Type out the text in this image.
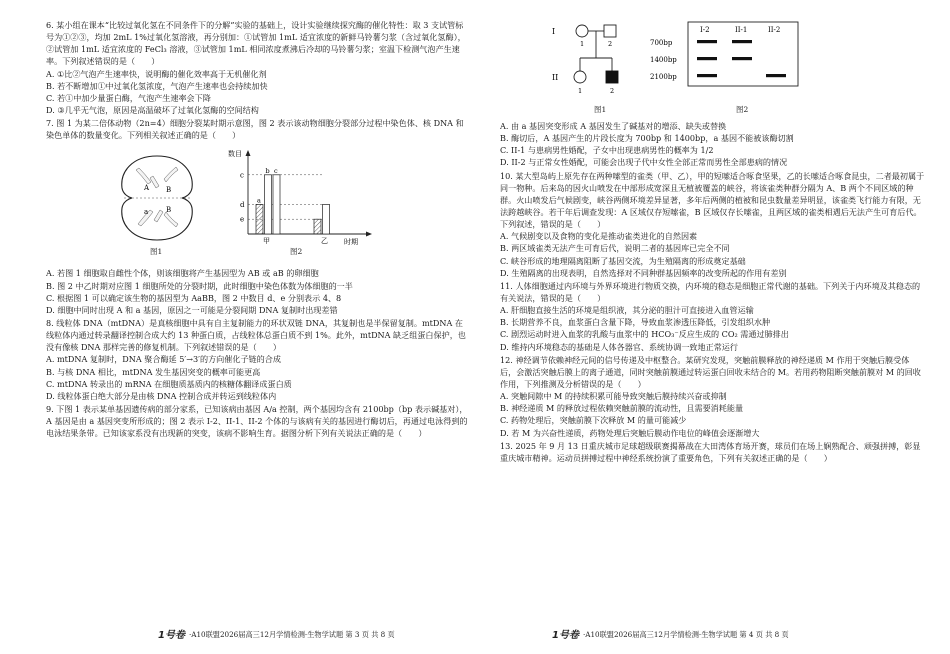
6. 某小组在课本“比较过氧化氢在不同条件下的分解”实验的基础上，设计实验继续探究酶的催化特性：取 3 支试管标号为①②③，均加 2mL 1%过氧化氢溶液，再分别加：①试管加 1mL 适宜浓度的新鲜马铃薯匀浆（含过氧化氢酶），②试管加 1mL 适宜浓度的 FeCl₃ 溶液，③试管加 1mL 相同浓度煮沸后冷却的马铃薯匀浆；室温下检测气泡产生速率。下列叙述错误的是（　　）

A. ①比②气泡产生速率快，说明酶的催化效率高于无机催化剂

B. 若不断增加①中过氧化氢浓度，气泡产生速率也会持续加快

C. 若①中加少量蛋白酶，气泡产生速率会下降

D. ③几乎无气泡，原因是高温破坏了过氧化氢酶的空间结构

7. 图 1 为某二倍体动物（2n=4）细胞分裂某时期示意图，图 2 表示该动物细胞分裂部分过程中染色体、核 DNA 和染色单体的数量变化。下列相关叙述正确的是（　　）

A
a
B
B
图1
数目
时期
c
d
e
a
b c
甲	乙
图2

A. 若图 1 细胞取自雌性个体，则该细胞将产生基因型为 AB 或 aB 的卵细胞

B. 图 2 中乙时期对应图 1 细胞所处的分裂时期，此时细胞中染色体数为体细胞的一半

C. 根据图 1 可以确定该生物的基因型为 AaBB，图 2 中数目 d、e 分别表示 4、8

D. 细胞中同时出现 A 和 a 基因，原因之一可能是分裂间期 DNA 复制时出现差错

8. 线粒体 DNA（mtDNA）是真核细胞中具有自主复制能力的环状双链 DNA，其复制也是半保留复制。mtDNA 在线粒体内通过转录翻译控制合成大约 13 种蛋白质，占线粒体总蛋白质不到 1%。此外，mtDNA 缺乏组蛋白保护，也没有像核 DNA 那样完善的修复机制。下列叙述错误的是（　　）

A. mtDNA 复制时，DNA 聚合酶延 5′→3′的方向催化子链的合成

B. 与核 DNA 相比，mtDNA 发生基因突变的概率可能更高

C. mtDNA 转录出的 mRNA 在细胞质基质内的核糖体翻译成蛋白质

D. 线粒体蛋白绝大部分是由核 DNA 控制合成并转运到线粒体内

9. 下图 1 表示某单基因遗传病的部分家系，已知该病由基因 A/a 控制，两个基因均含有 2100bp（bp 表示碱基对），A 基因是由 a 基因突变所形成的；图 2 表示 I-2、II-1、II-2 个体的与该病有关的基因进行酶切后，再通过电泳得到的电泳结果条带。已知该家系没有出现新的突变，该病不影响生育。据图分析下列有关说法正确的是（　　）

1号卷 ·A10联盟2026届高三12月学情检测·生物学试题 第 3 页 共 8 页
I
II
1	2
1	2
图1
700bp
1400bp
2100bp
I-2	II-1	II-2
图2

A. 由 a 基因突变形成 A 基因发生了碱基对的增添、缺失或替换

B. 酶切后，A 基因产生的片段长度为 700bp 和 1400bp，a 基因不能被该酶切割

C. II-1 与患病男性婚配，子女中出现患病男性的概率为 1/2

D. II-2 与正常女性婚配，可能会出现子代中女性全部正常而男性全部患病的情况

10. 某大型岛屿上原先存在两种嗦型的雀类（甲、乙），甲的短嗦适合啄食坚果，乙的长嗦适合啄食昆虫，二者最初属于同一物种。后来岛的因火山喷发在中部形成宽深且无植被覆盖的峡谷，将该雀类种群分隔为 A、B 两个不同区域的种群。火山喷发后气候剧变，峡谷两侧环境差异显著，多年后两侧的植被和昆虫数量差异明显，该雀类飞行能力有限，无法跨越峡谷。若干年后调查发现：A 区域仅存短嗦雀，B 区域仅存长嗦雀，且两区域的雀类相遇后无法产生可育后代。下列叙述，错误的是（　　）

A. 气候剧变以及食物的变化是推动雀类进化的自然因素

B. 两区域雀类无法产生可育后代，说明二者的基因库已完全不同

C. 峡谷形成的地理隔离阻断了基因交流，为生殖隔离的形成奠定基础

D. 生殖隔离的出现表明，自然选择对不同种群基因频率的改变所起的作用有差别

11. 人体细胞通过内环境与外界环境进行物质交换，内环境的稳态是细胞正常代谢的基础。下列关于内环境及其稳态的有关说法，错误的是（　　）

A. 肝细胞直接生活的环境是组织液，其分泌的胆汁可直接进入血管运输

B. 长期营养不良，血浆蛋白含量下降，导致血浆渗透压降低，引发组织水肿

C. 剧烈运动时进入血浆的乳酸与血浆中的 HCO₃⁻反应生成的 CO₂ 需通过肺排出

D. 维持内环境稳态的基础是人体各器官、系统协调一致地正常运行

12. 神经调节依赖神经元间的信号传递及中枢整合。某研究发现，突触前膜释放的神经递质 M 作用于突触后膜受体后，会激活突触后膜上的离子通道，同时突触前膜通过转运蛋白回收未结合的 M。若用药物阻断突触前膜对 M 的回收作用，下列推测及分析错误的是（　　）

A. 突触间隙中 M 的持续积累可能导致突触后膜持续兴奋或抑制

B. 神经递质 M 的释放过程依赖突触前膜的流动性，且需要消耗能量

C. 药物处理后，突触前膜下次释放 M 的量可能减少

D. 若 M 为兴奋性递质，药物处理后突触后膜动作电位的峰值会逐渐增大

13. 2025 年 9 月 13 日重庆城市足球超级联赛揭幕战在大田湾体育场开赛，球员们在场上娴熟配合、顽强拼搏，彰显重庆城市精神。运动员拼搏过程中神经系统扮演了重要角色，下列有关叙述正确的是（　　）

1号卷 ·A10联盟2026届高三12月学情检测·生物学试题 第 4 页 共 8 页
